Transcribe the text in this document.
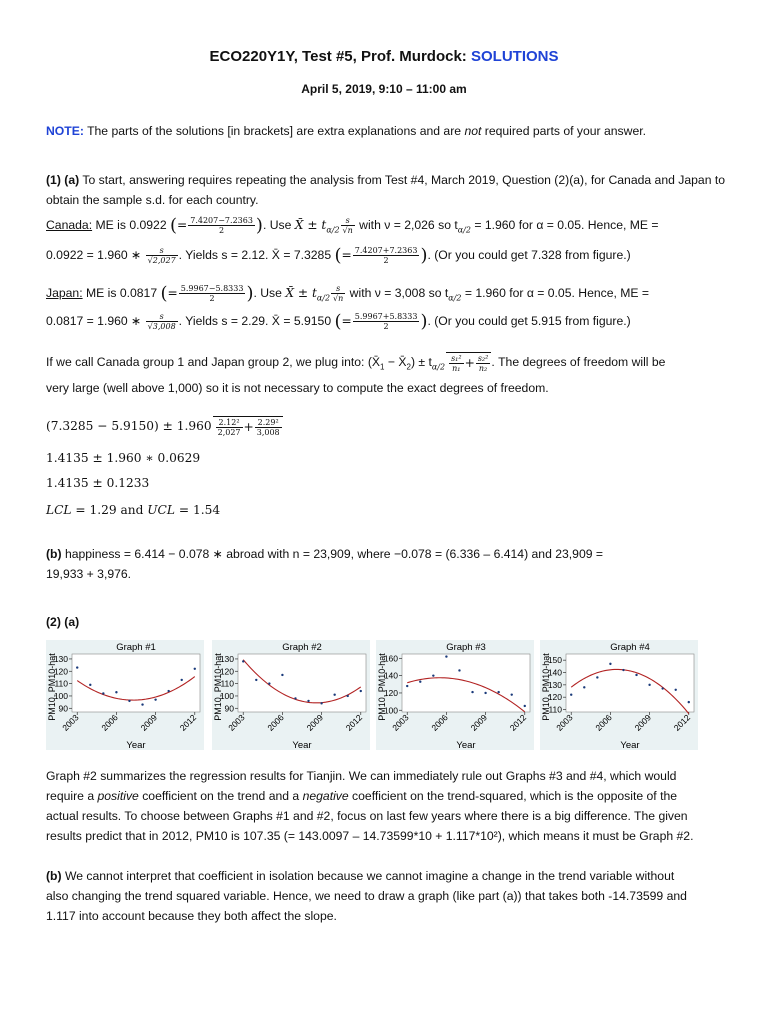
ECO220Y1Y, Test #5, Prof. Murdock: SOLUTIONS
April 5, 2019, 9:10 – 11:00 am
NOTE: The parts of the solutions [in brackets] are extra explanations and are not required parts of your answer.
(1) (a) To start, answering requires repeating the analysis from Test #4, March 2019, Question (2)(a), for Canada and Japan to obtain the sample s.d. for each country.
Canada: ME is 0.0922 (= $\frac{7.4207-7.2363}{2}$ ). Use X̄ ± $t_{\alpha/2} \frac{s}{√n}$ with ν = 2,026 so $t_{\alpha/2} = 1.960$ for α = 0.05. Hence, ME =
0.0922 = 1.960 ∗ $\frac{s}{√2,027}$ . Yields s = 2.12. X̄ = 7.3285 (= $\frac{7.4207+7.2363}{2}$ ). (Or you could get 7.328 from figure.)
Japan: ME is 0.0817 (= $\frac{5.9967-5.8333}{2}$ ). Use X̄ ± $t_{\alpha/2} \frac{s}{√n}$ with ν = 3,008 so $t_{\alpha/2} = 1.960$ for α = 0.05. Hence, ME =
0.0817 = 1.960 ∗ $\frac{s}{√3,008}$ . Yields s = 2.29. X̄ = 5.9150 (= $\frac{5.9967+5.8333}{2}$ ). (Or you could get 5.915 from figure.)
If we call Canada group 1 and Japan group 2, we plug into: ($X̄_1$ − $X̄_2) \pm t_{\alpha/2} \frac{\text{s₁²}}{\text{n₁}} + \frac{\text{s₂²}}{\text{n₂}}$ . The degrees of freedom will be
very large (well above 1,000) so it is not necessary to compute the exact degrees of freedom.
$(7.3285 - 5.9150) \pm 1.960 \frac{\text{2.12²}}{2,027} + \frac{\text{2.29²}}{3,008}$
1.4135 ± 1.960 ∗ 0.0629
1.4135 ± 0.1233
LCL = 1.29 and UCL = 1.54
(b) happiness = 6.414 − 0.078 ∗ abroad with n = 23,909, where −0.078 = (6.336 – 6.414) and 23,909 =
19,933 + 3,976.
(2) (a)
Graph #1
90
100
110
120
130
2003 2006 2009 2012
Year
PM10, PM10-hat
Graph #2
90
100
110
120
130
2003 2006 2009 2012
Year
PM10, PM10-hat
Graph #3
100
120
140
160
2003 2006 2009 2012
Year
PM10, PM10-hat
Graph #4
110
120
130
140
150
2003 2006 2009 2012
Year
PM10, PM10-hat
Graph #2 summarizes the regression results for Tianjin. We can immediately rule out Graphs #3 and #4, which would
require a positive coefficient on the trend and a negative coefficient on the trend-squared, which is the opposite of the
actual results. To choose between Graphs #1 and #2, focus on last few years where there is a big difference. The given
results predict that in 2012, PM10 is 107.35 (= 143.0097 – 14.73599*10 + 1.117*10²), which means it must be Graph #2.
(b) We cannot interpret that coefficient in isolation because we cannot imagine a change in the trend variable without
also changing the trend squared variable. Hence, we need to draw a graph (like part (a)) that takes both -14.73599 and
1.117 into account because they both affect the slope.
